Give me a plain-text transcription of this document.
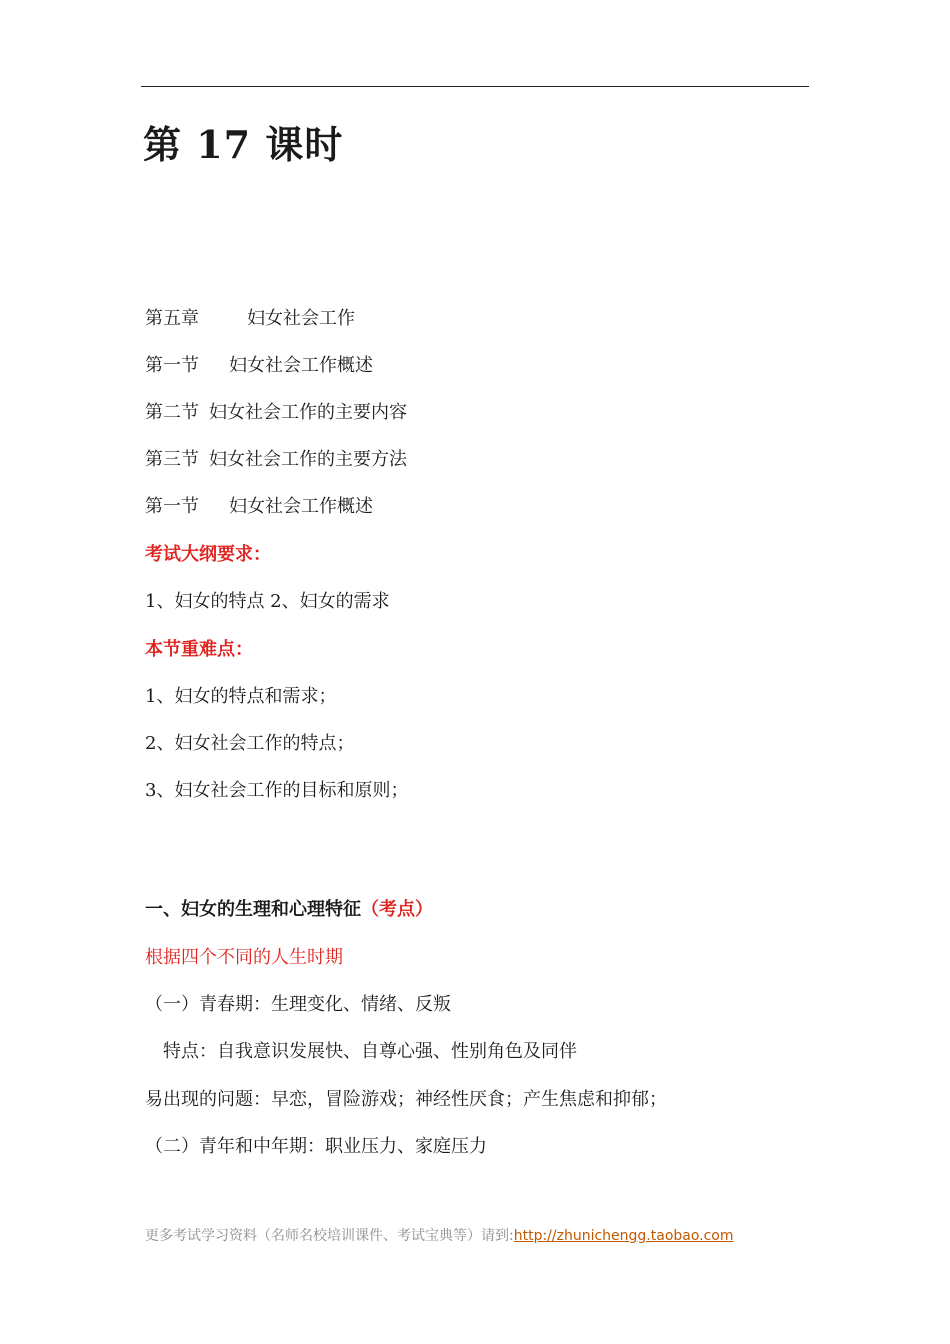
第 17 课时
第五章	妇女社会工作
第一节 妇女社会工作概述
第二节 妇女社会工作的主要内容
第三节 妇女社会工作的主要方法
第一节 妇女社会工作概述
考试大纲要求：
1、妇女的特点 2、妇女的需求
本节重难点：
1、妇女的特点和需求；
2、妇女社会工作的特点；
3、妇女社会工作的目标和原则；
一、妇女的生理和心理特征（考点）
根据四个不同的人生时期
（一）青春期：生理变化、情绪、反叛
特点：自我意识发展快、自尊心强、性别角色及同伴
易出现的问题：早恋，冒险游戏；神经性厌食；产生焦虑和抑郁；
（二）青年和中年期：职业压力、家庭压力
更多考试学习资料（名师名校培训课件、考试宝典等）请到:http://zhunichengg.taobao.com
